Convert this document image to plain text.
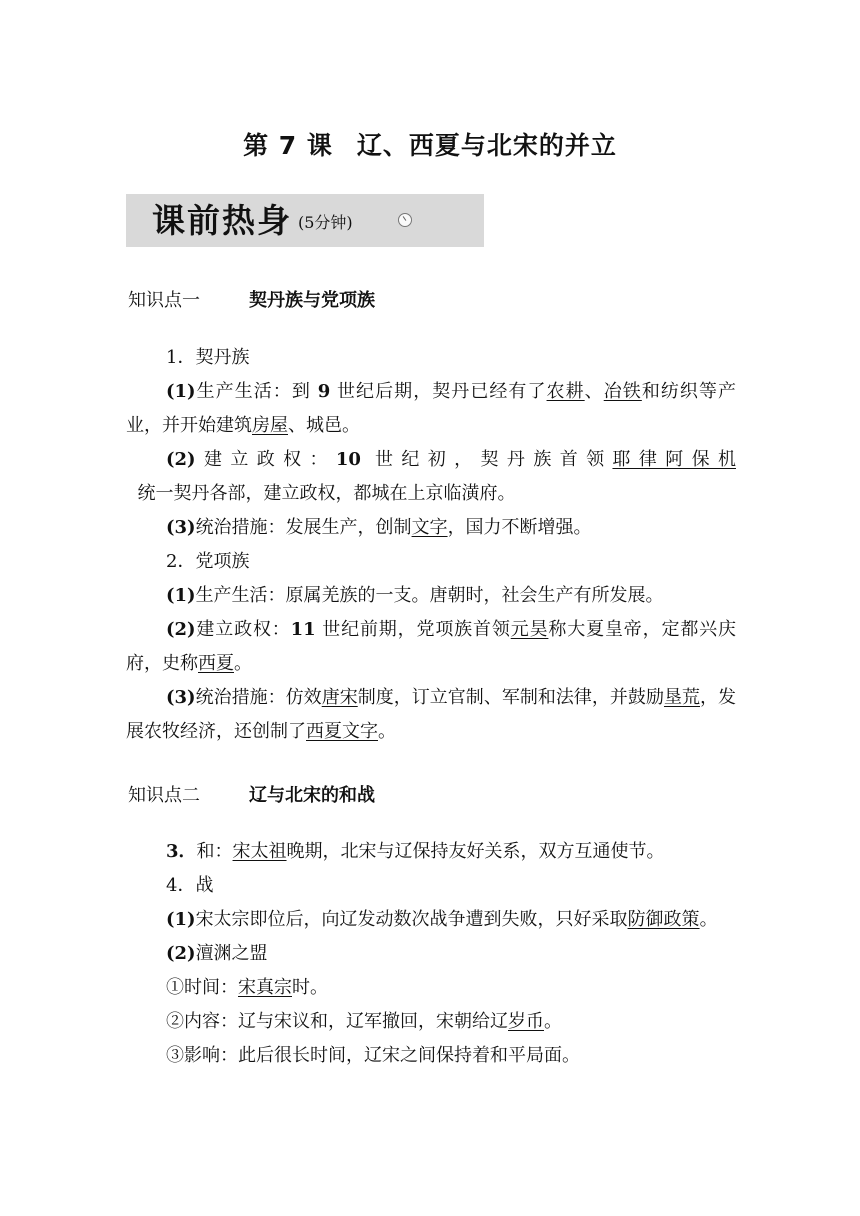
第 7 课 辽、西夏与北宋的并立
课前热身 (5分钟)
知识点一	契丹族与党项族

1．契丹族

(1)生产生活：到 9 世纪后期，契丹已经有了农耕、冶铁和纺织等产业，并开始建筑房屋、城邑。

(2)建立政权：10 世纪初，契丹族首领耶律阿保机  统一契丹各部，建立政权，都城在上京临潢府。

(3)统治措施：发展生产，创制文字，国力不断增强。

2．党项族

(1)生产生活：原属羌族的一支。唐朝时，社会生产有所发展。

(2)建立政权：11 世纪前期，党项族首领元昊称大夏皇帝，定都兴庆府，史称西夏。

(3)统治措施：仿效唐宋制度，订立官制、军制和法律，并鼓励垦荒，发展农牧经济，还创制了西夏文字。

知识点二	辽与北宋的和战

3．和：宋太祖晚期，北宋与辽保持友好关系，双方互通使节。

4．战

(1)宋太宗即位后，向辽发动数次战争遭到失败，只好采取防御政策。

(2)澶渊之盟

①时间：宋真宗时。

②内容：辽与宋议和，辽军撤回，宋朝给辽岁币。

③影响：此后很长时间，辽宋之间保持着和平局面。
